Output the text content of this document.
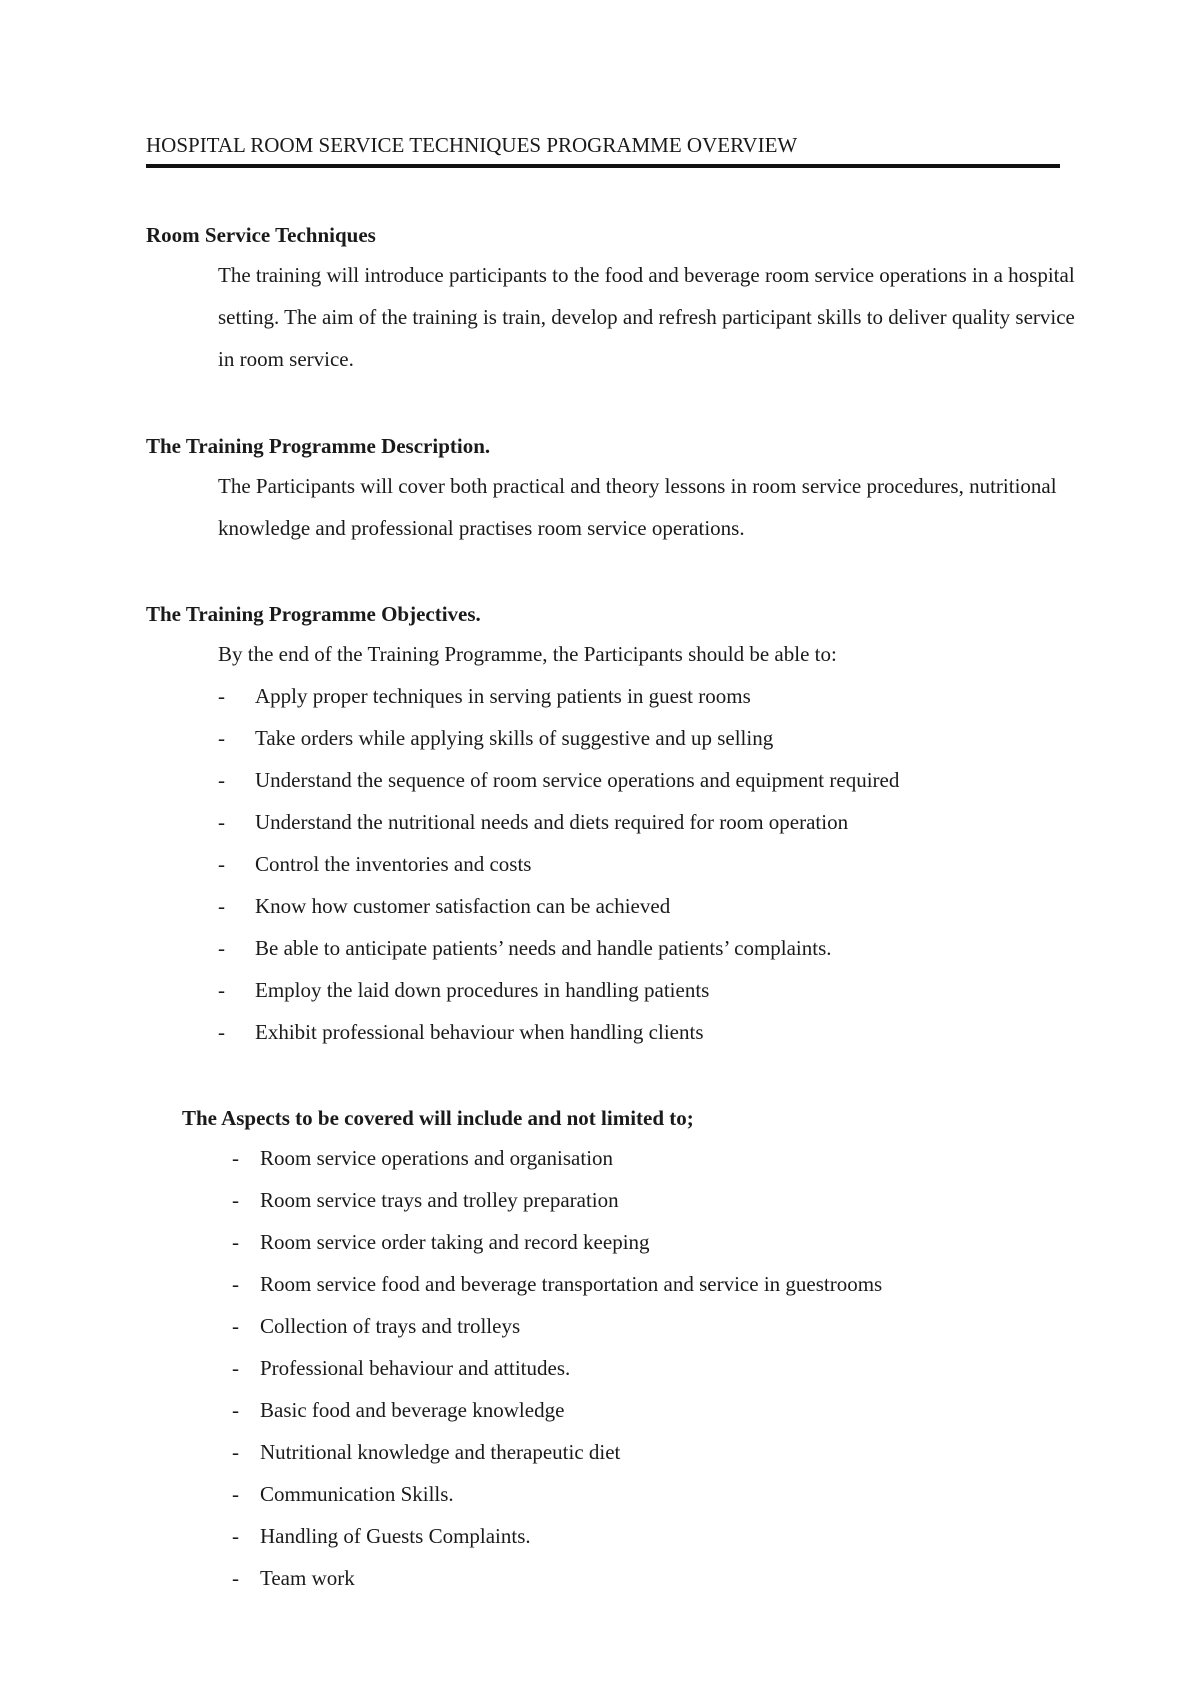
HOSPITAL ROOM SERVICE TECHNIQUES PROGRAMME OVERVIEW
Room Service Techniques

The training will introduce participants to the food and beverage room service operations in a hospital setting. The aim of the training is train, develop and refresh participant skills to deliver quality service in room service.

The Training Programme Description.

The Participants will cover both practical and theory lessons in room service procedures, nutritional knowledge and professional practises room service operations.

The Training Programme Objectives.

By the end of the Training Programme, the Participants should be able to:

- Apply proper techniques in serving patients in guest rooms
- Take orders while applying skills of suggestive and up selling
- Understand the sequence of room service operations and equipment required
- Understand the nutritional needs and diets required for room operation
- Control the inventories and costs
- Know how customer satisfaction can be achieved
- Be able to anticipate patients’ needs and handle patients’ complaints.
- Employ the laid down procedures in handling patients
- Exhibit professional behaviour when handling clients
The Aspects to be covered will include and not limited to;
- Room service operations and organisation
- Room service trays and trolley preparation
- Room service order taking and record keeping
- Room service food and beverage transportation and service in guestrooms
- Collection of trays and trolleys
- Professional behaviour and attitudes.
- Basic food and beverage knowledge
- Nutritional knowledge and therapeutic diet
- Communication Skills.
- Handling of Guests Complaints.
- Team work
